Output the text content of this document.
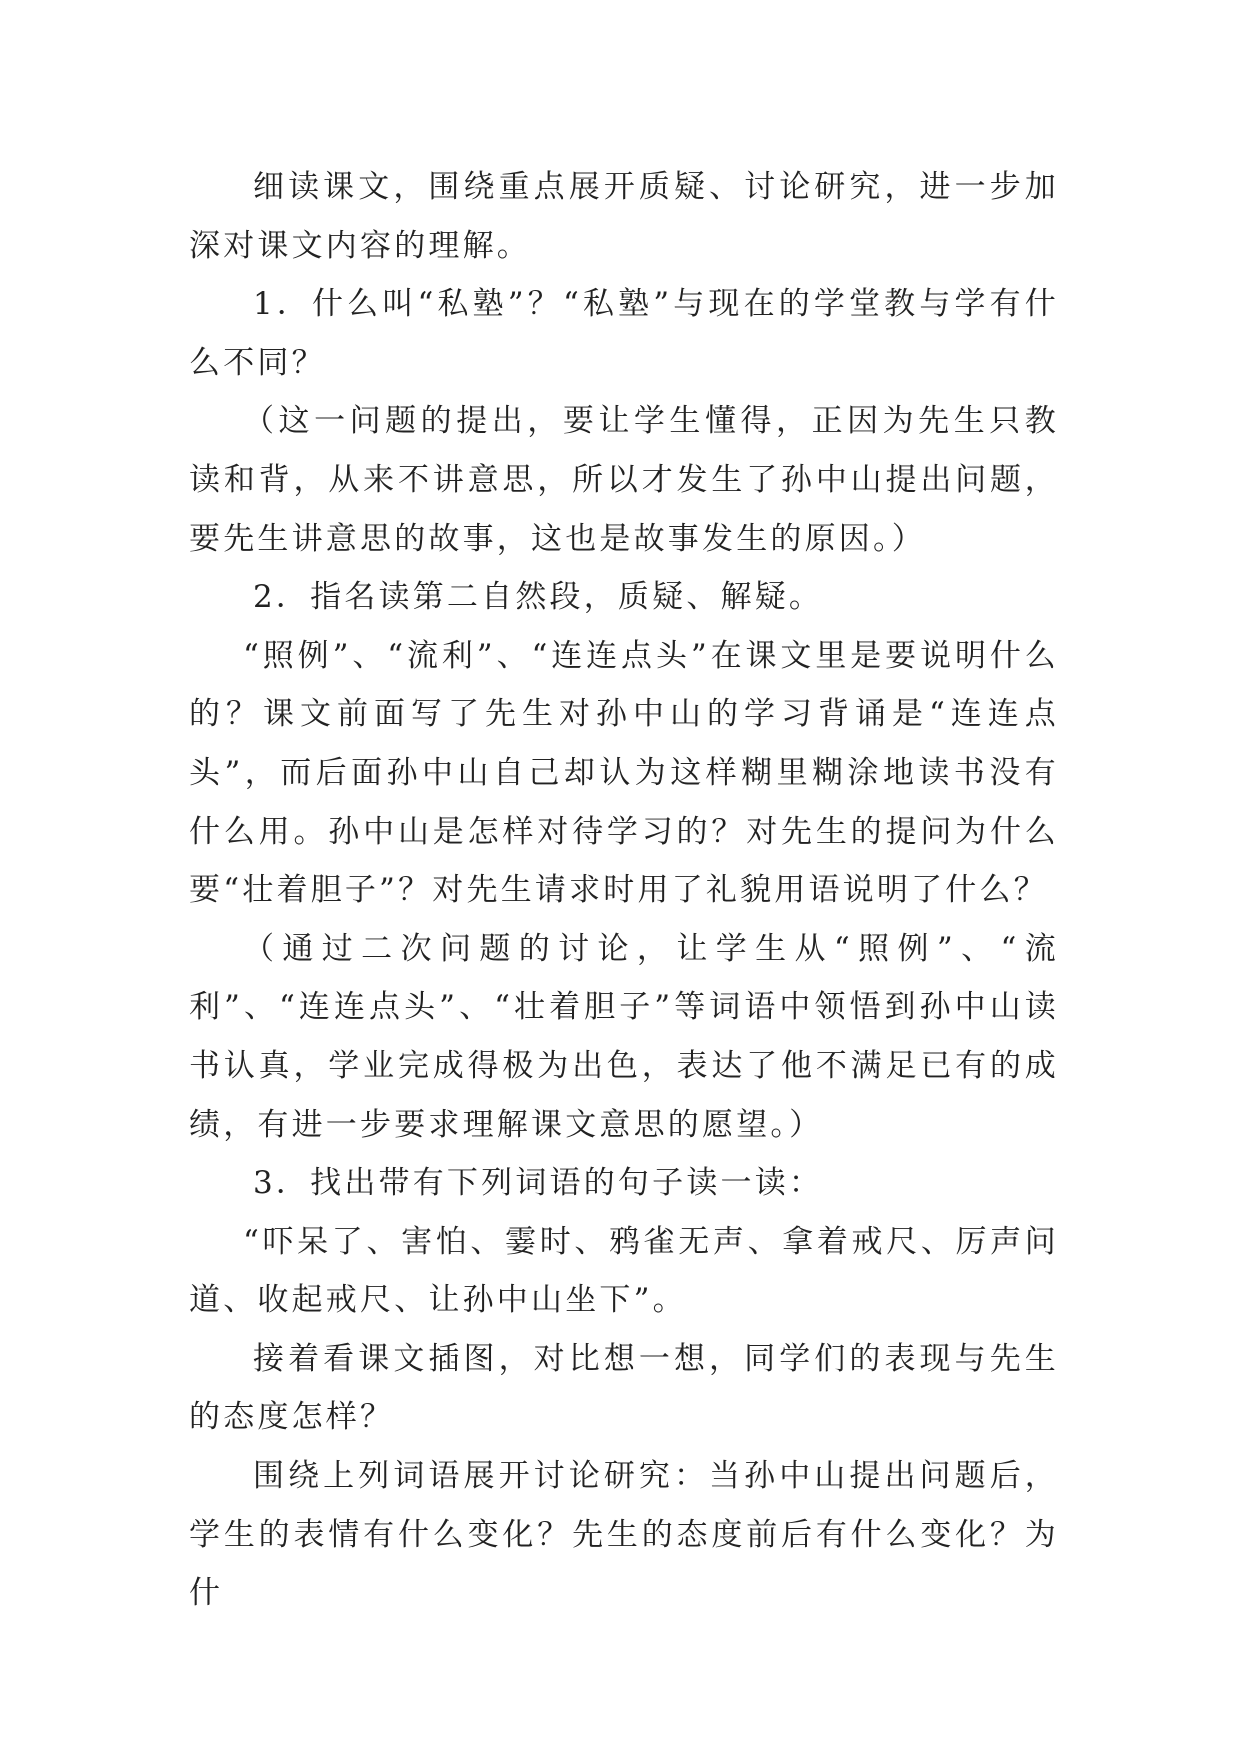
细读课文，围绕重点展开质疑、讨论研究，进一步加深对课文内容的理解。

1．什么叫“私塾”？“私塾”与现在的学堂教与学有什么不同？

（这一问题的提出，要让学生懂得，正因为先生只教读和背，从来不讲意思，所以才发生了孙中山提出问题，要先生讲意思的故事，这也是故事发生的原因。）

2．指名读第二自然段，质疑、解疑。

“照例”、“流利”、“连连点头”在课文里是要说明什么的？课文前面写了先生对孙中山的学习背诵是“连连点头”，而后面孙中山自己却认为这样糊里糊涂地读书没有什么用。孙中山是怎样对待学习的？对先生的提问为什么要“壮着胆子”？对先生请求时用了礼貌用语说明了什么？

（通过二次问题的讨论，让学生从“照例”、“流利”、“连连点头”、“壮着胆子”等词语中领悟到孙中山读书认真，学业完成得极为出色，表达了他不满足已有的成绩，有进一步要求理解课文意思的愿望。）

3．找出带有下列词语的句子读一读：

“吓呆了、害怕、霎时、鸦雀无声、拿着戒尺、厉声问道、收起戒尺、让孙中山坐下”。

接着看课文插图，对比想一想，同学们的表现与先生的态度怎样？

围绕上列词语展开讨论研究：当孙中山提出问题后，学生的表情有什么变化？先生的态度前后有什么变化？为什
